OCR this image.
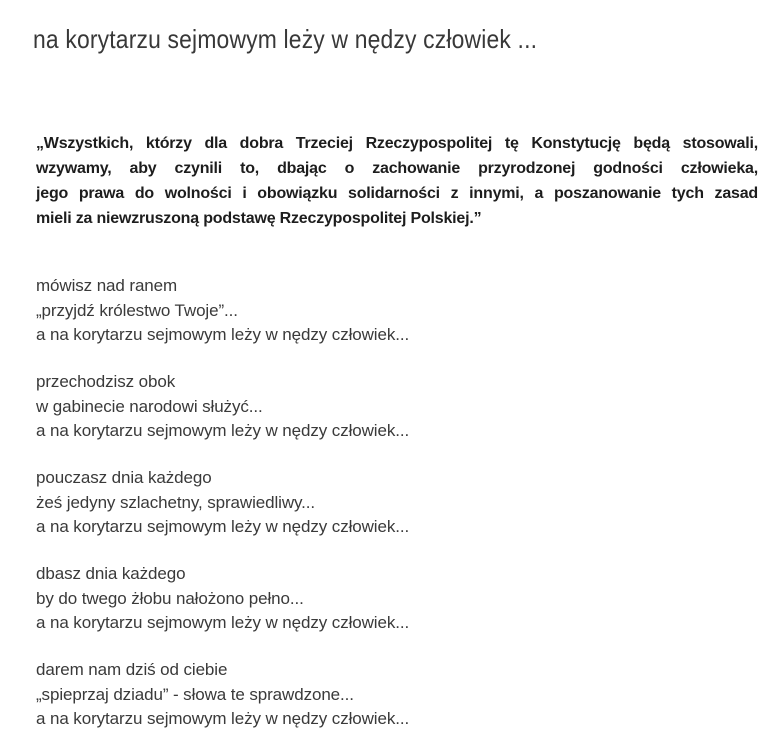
na korytarzu sejmowym leży w nędzy człowiek ...

„Wszystkich, którzy dla dobra Trzeciej Rzeczypospolitej tę Konstytucję będą stosowali,

wzywamy, aby czynili to, dbając o zachowanie przyrodzonej godności człowieka,

jego prawa do wolności i obowiązku solidarności z innymi, a poszanowanie tych zasad

mieli za niewzruszoną podstawę Rzeczypospolitej Polskiej.”

mówisz nad ranem

„przyjdź królestwo Twoje”...

a na korytarzu sejmowym leży w nędzy człowiek...

przechodzisz obok

w gabinecie narodowi służyć...

a na korytarzu sejmowym leży w nędzy człowiek...

pouczasz dnia każdego

żeś jedyny szlachetny, sprawiedliwy...

a na korytarzu sejmowym leży w nędzy człowiek...

dbasz dnia każdego

by do twego żłobu nałożono pełno...

a na korytarzu sejmowym leży w nędzy człowiek...

darem nam dziś od ciebie

„spieprzaj dziadu” - słowa te sprawdzone...

a na korytarzu sejmowym leży w nędzy człowiek...
